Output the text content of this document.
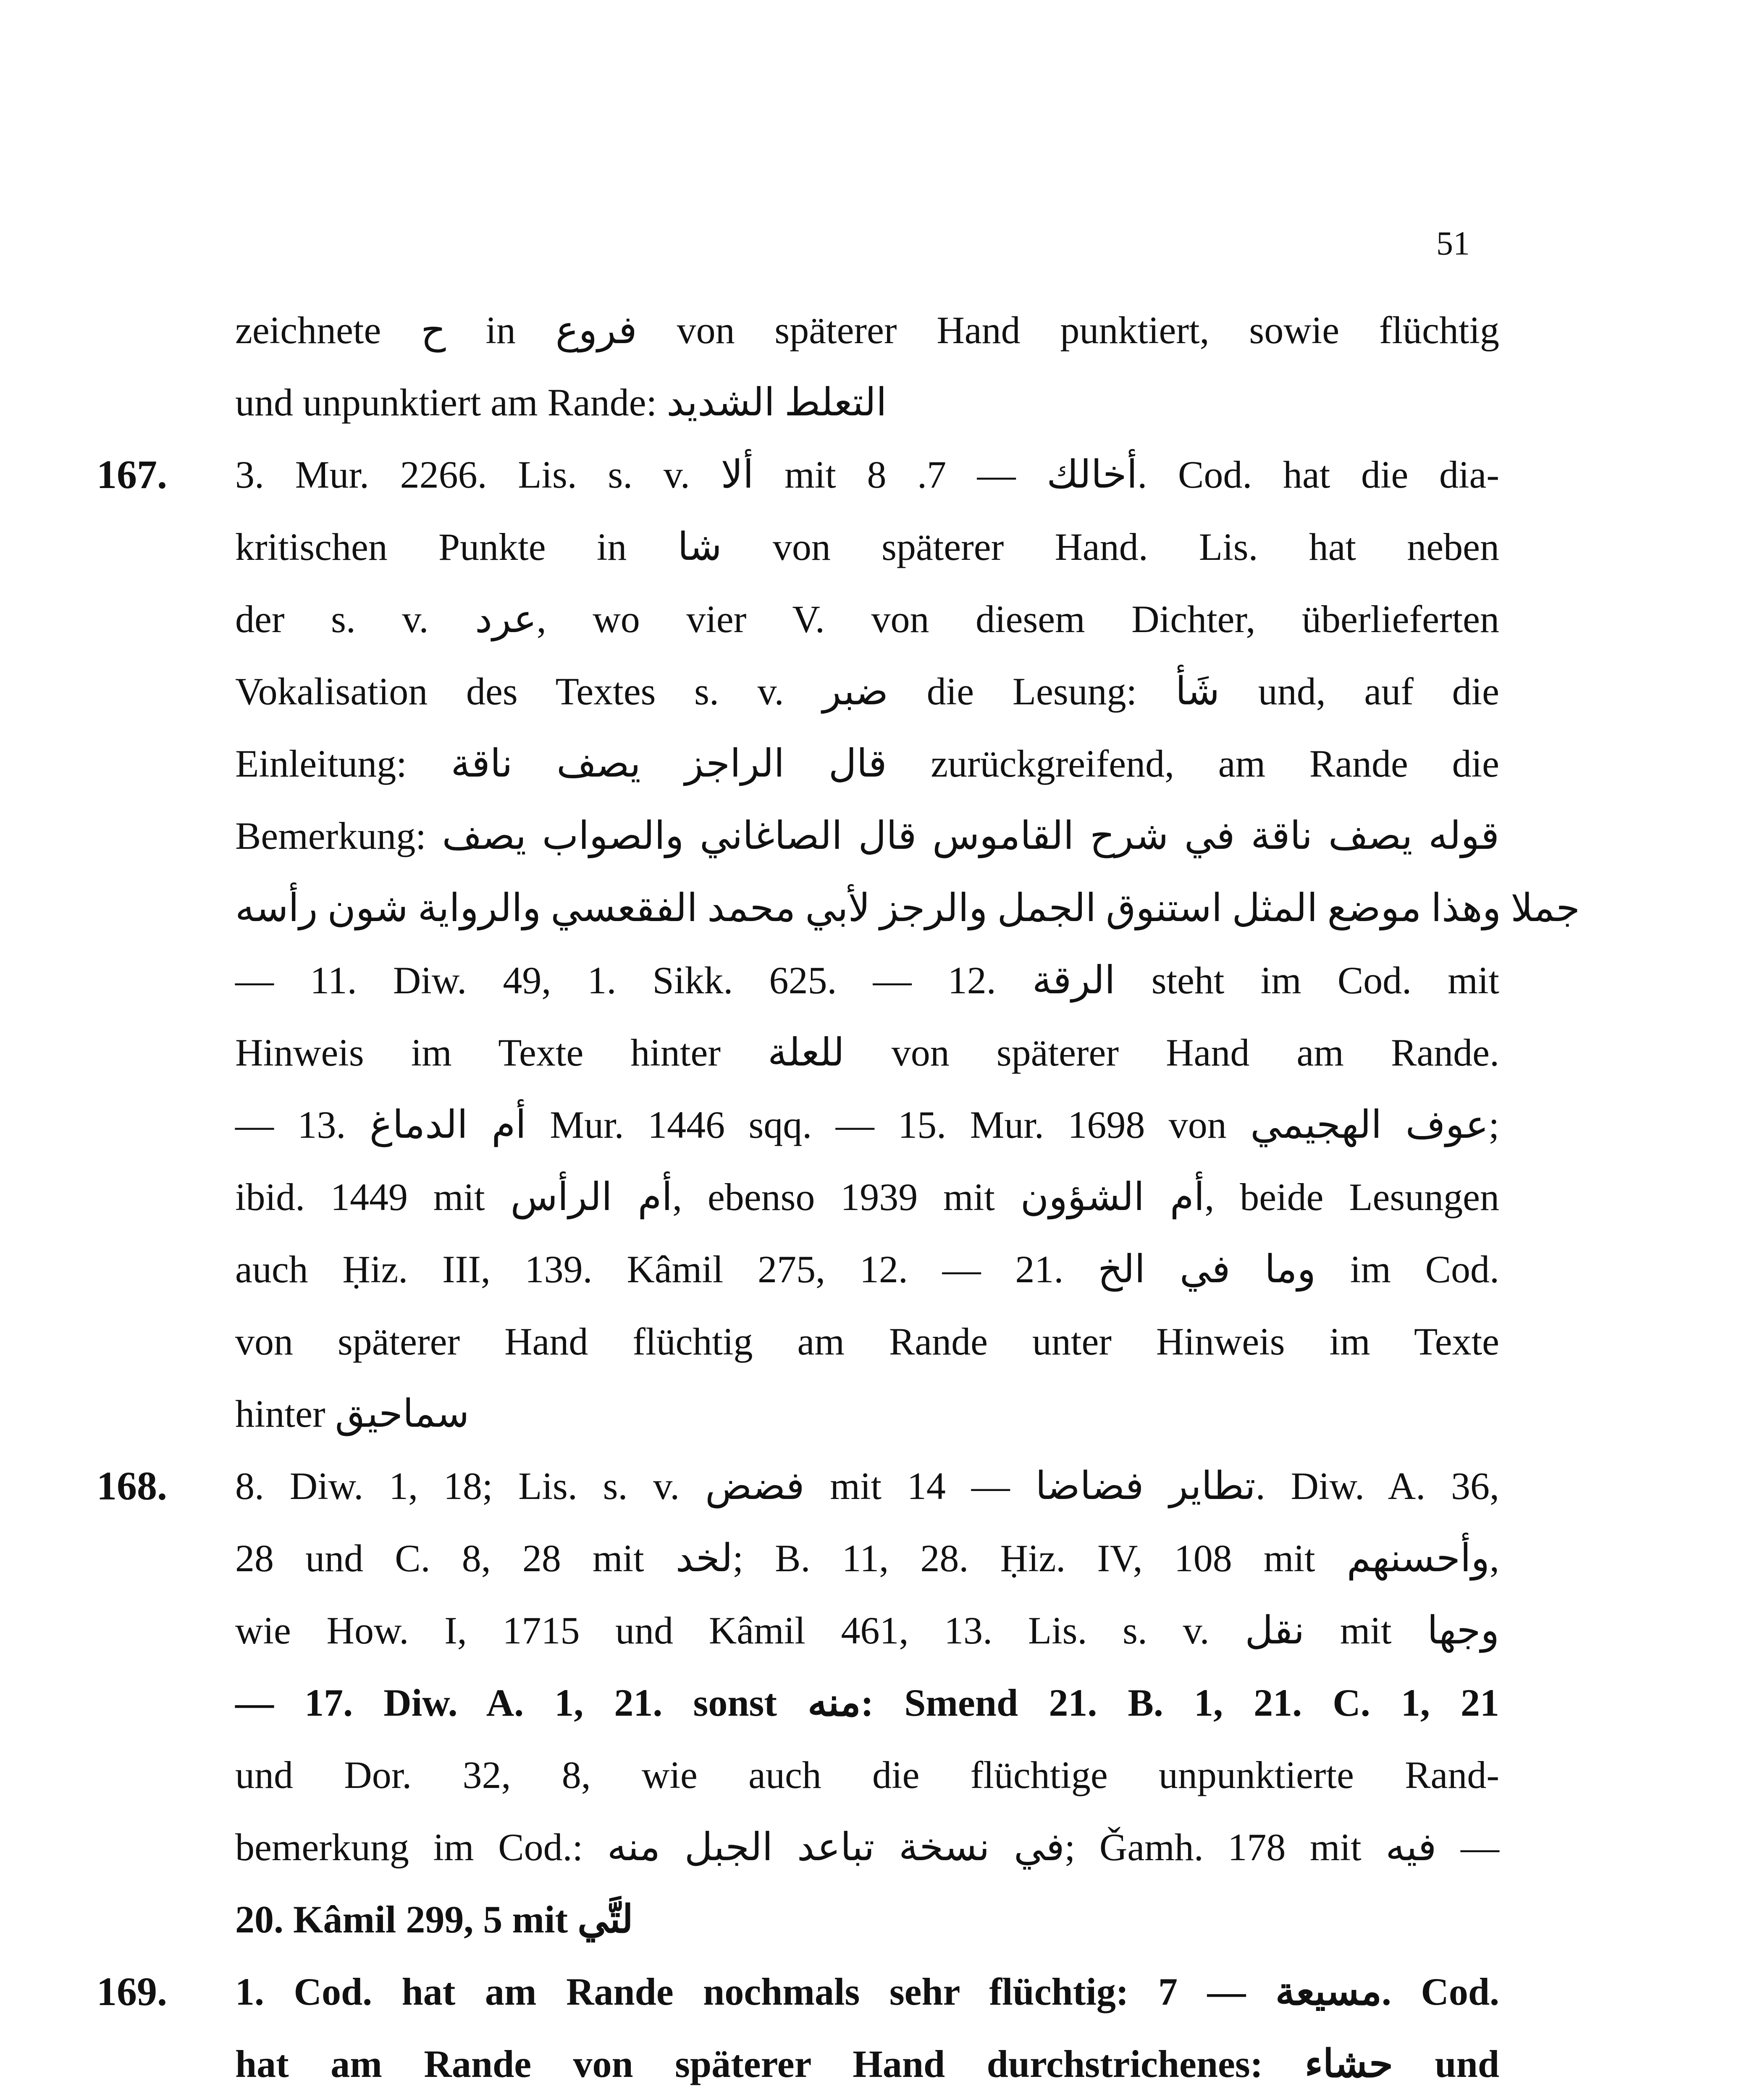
51
zeichnete ح in فروع von späterer Hand punktiert, sowie flüchtig
und unpunktiert am Rande: التعلط الشديد
167. 3. Mur. 2266. Lis. s. v. ألا mit أخالك — 7. 8. Cod. hat die dia-
kritischen Punkte in شا von späterer Hand. Lis. hat neben
der s. v. عرد, wo vier V. von diesem Dichter, überlieferten
Vokalisation des Textes s. v. ضبر die Lesung: شَأ und, auf die
Einleitung: قال الراجز يصف ناقة zurückgreifend, am Rande die
Bemerkung: قوله يصف ناقة في شرح القاموس قال الصاغاني والصواب يصف
جملا وهذا موضع المثل استنوق الجمل والرجز لأبي محمد الفقعسي والرواية شون رأسه
— 11. Diw. 49, 1. Sikk. 625. — 12. الرقة steht im Cod. mit
Hinweis im Texte hinter للعلة von späterer Hand am Rande.
— 13. أم الدماغ Mur. 1446 sqq. — 15. Mur. 1698 von عوف الهجيمي;
ibid. 1449 mit أم الرأس, ebenso 1939 mit أم الشؤون, beide Lesungen
auch Ḥiz. III, 139. Kâmil 275, 12. — 21. وما في الخ im Cod.
von späterer Hand flüchtig am Rande unter Hinweis im Texte
hinter سماحيق
168. 8. Diw. 1, 18; Lis. s. v. فضض mit تطاير فضاضا — 14. Diw. A. 36,
28 und C. 8, 28 mit لخد; B. 11, 28. Ḥiz. IV, 108 mit وأحسنهم,
wie How. I, 1715 und Kâmil 461, 13. Lis. s. v. نقل mit وجها
— 17. Diw. A. 1, 21. sonst منه: Smend 21. B. 1, 21. C. 1, 21
und Dor. 32, 8, wie auch die flüchtige unpunktierte Rand-
bemerkung im Cod.: في نسخة تباعد الجبل منه; Ǧamh. 178 mit فيه —
20. Kâmil 299, 5 mit لتَّي
169. 1. Cod. hat am Rande nochmals sehr flüchtig: مسيعة — 7. Cod.
hat am Rande von späterer Hand durchstrichenes: حشاء und
